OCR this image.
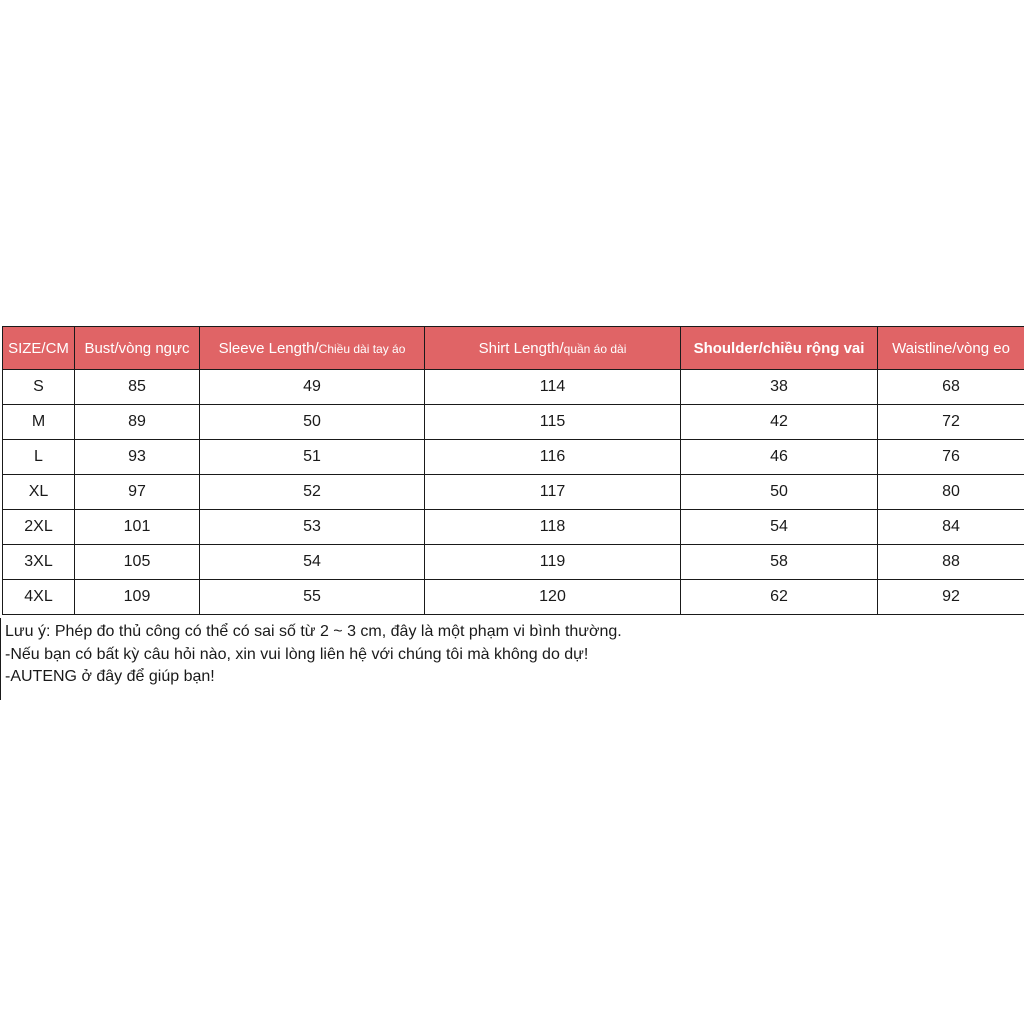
SIZE/CM	Bust/vòng ngực	Sleeve Length/Chiều dài tay áo	Shirt Length/quần áo dài	Shoulder/chiều rộng vai	Waistline/vòng eo
S	85	49	114	38	68
M	89	50	115	42	72
L	93	51	116	46	76
XL	97	52	117	50	80
2XL	101	53	118	54	84
3XL	105	54	119	58	88
4XL	109	55	120	62	92
Lưu ý: Phép đo thủ công có thể có sai số từ 2 ~ 3 cm, đây là một phạm vi bình thường.
-Nếu bạn có bất kỳ câu hỏi nào, xin vui lòng liên hệ với chúng tôi mà không do dự!
-AUTENG ở đây để giúp bạn!
